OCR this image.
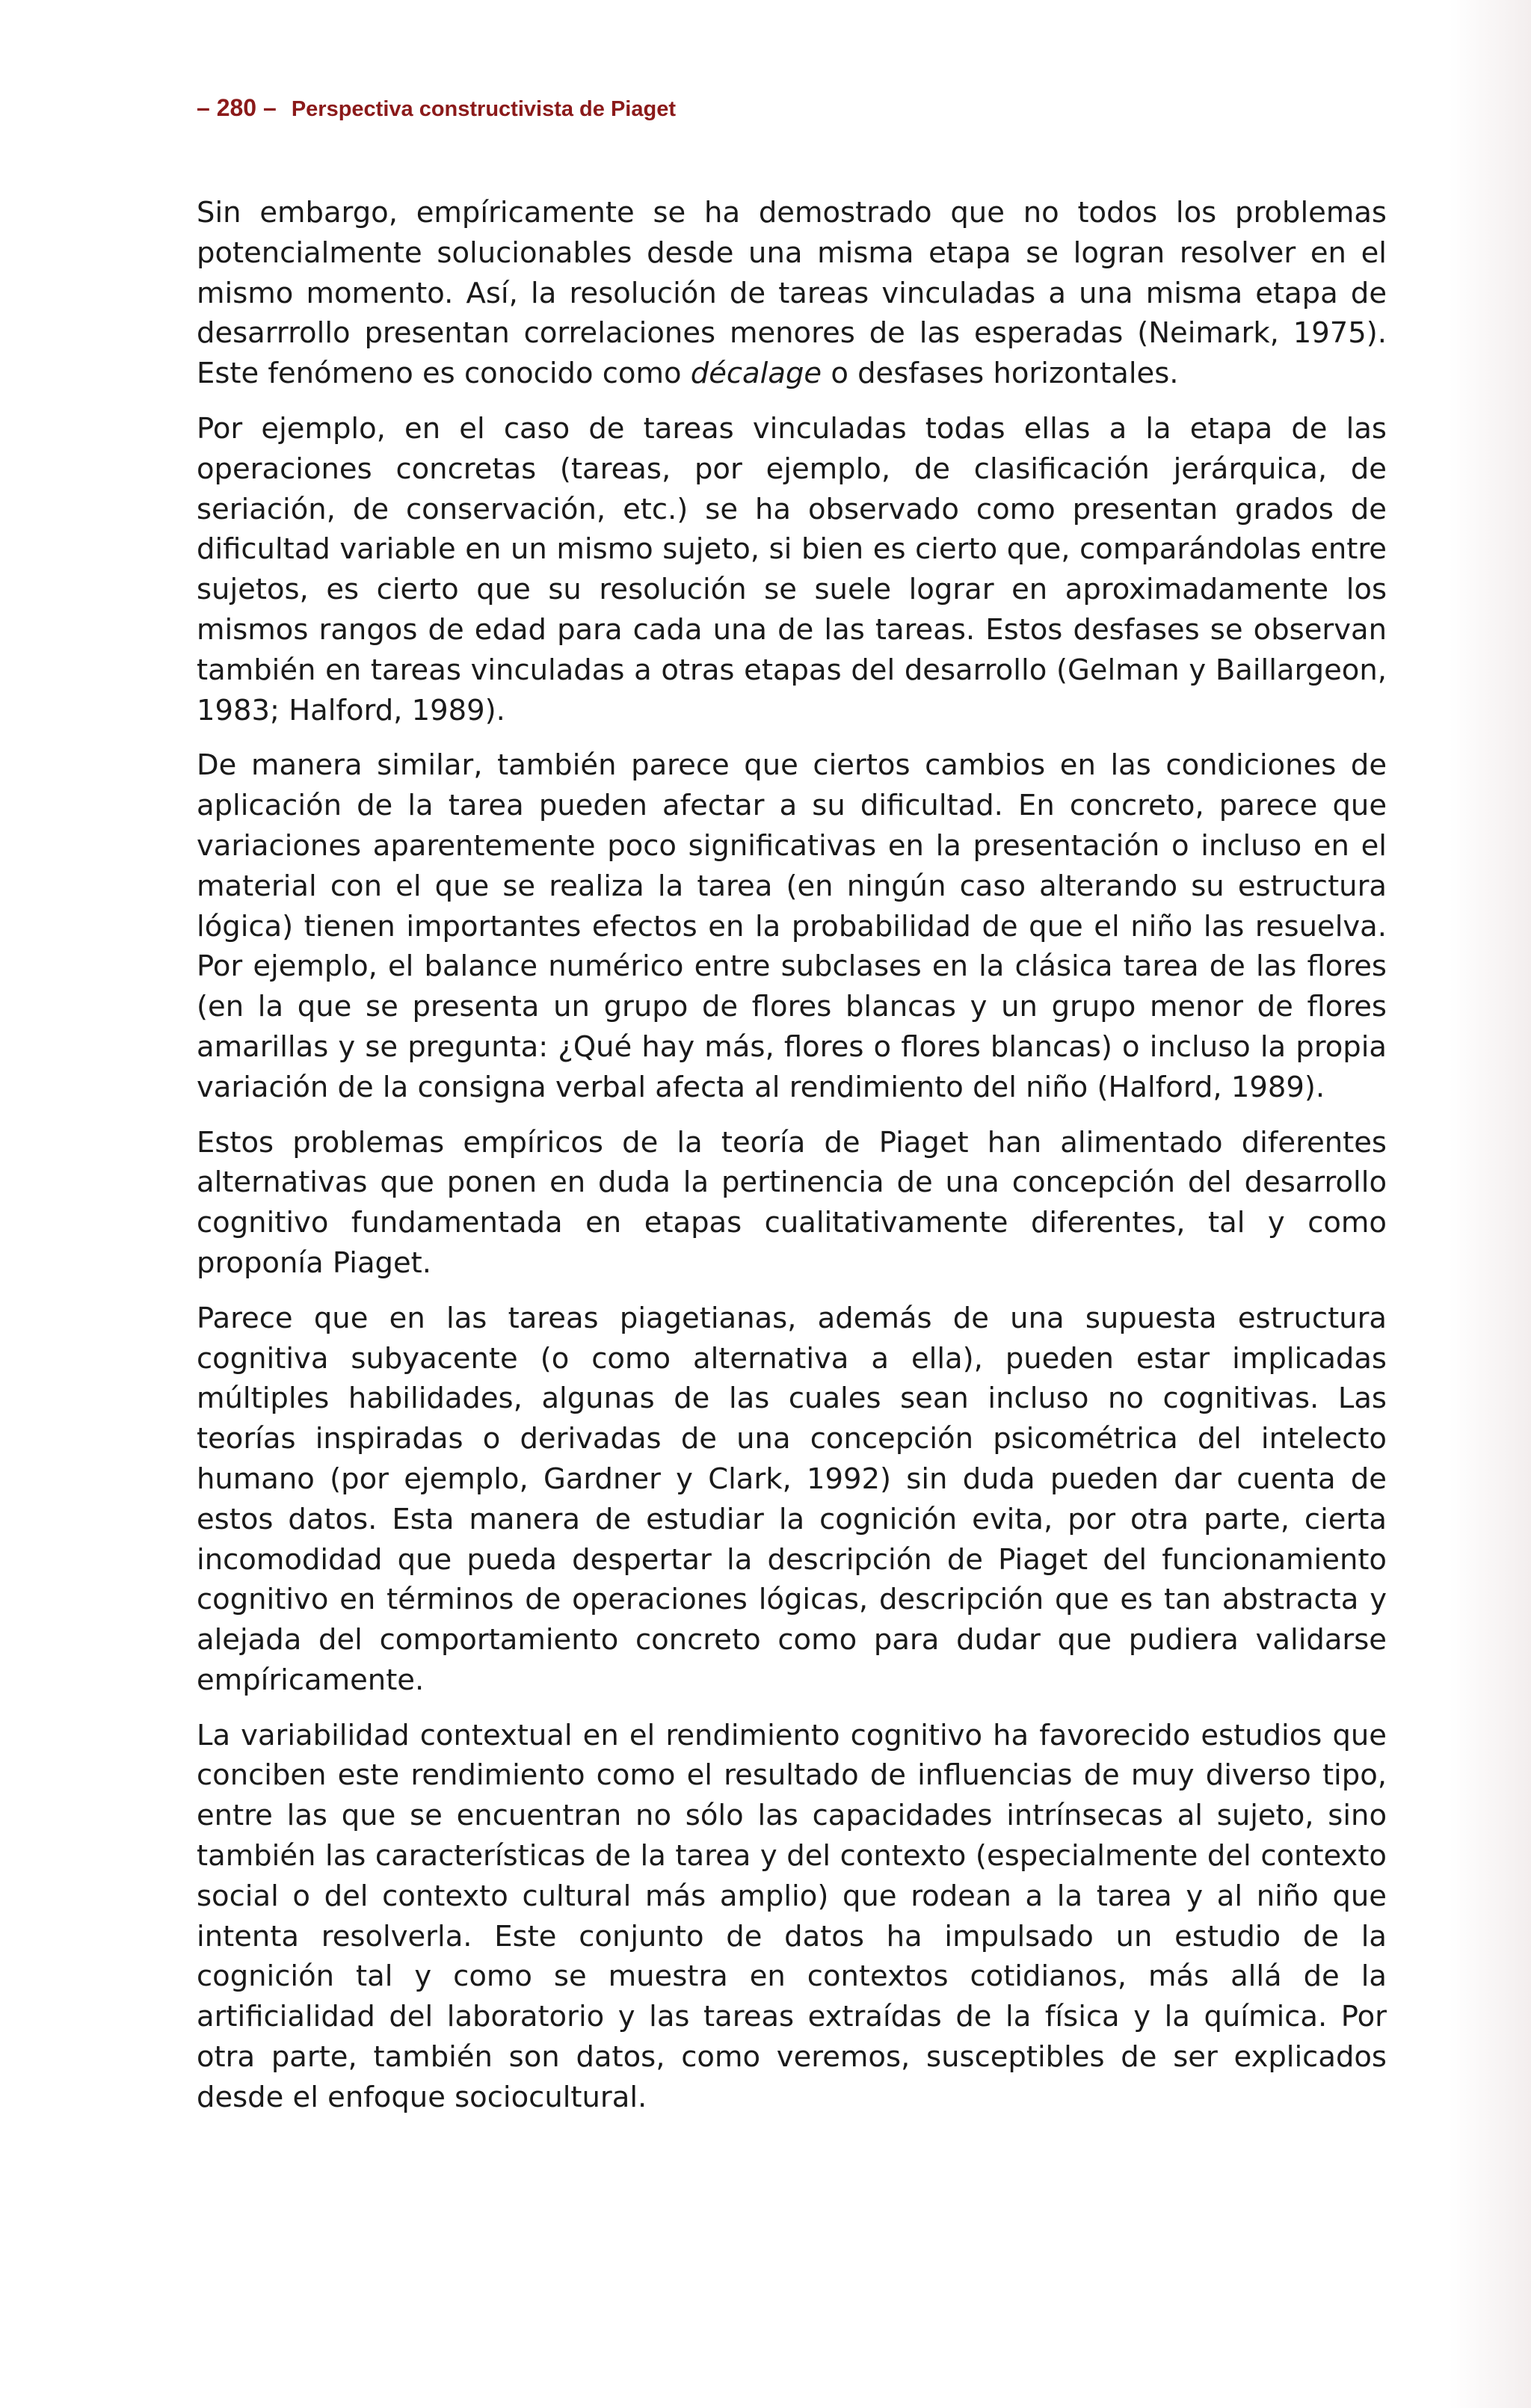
– 280 – Perspectiva constructivista de Piaget

Sin embargo, empíricamente se ha demostrado que no todos los problemas potencialmente solucionables desde una misma etapa se logran resolver en el mismo momento. Así, la resolución de tareas vinculadas a una misma etapa de desarrrollo presentan correlaciones menores de las esperadas (Neimark, 1975). Este fenómeno es conocido como décalage o desfases horizontales.

Por ejemplo, en el caso de tareas vinculadas todas ellas a la etapa de las operaciones concretas (tareas, por ejemplo, de clasificación jerárquica, de seriación, de conservación, etc.) se ha observado como presentan grados de dificultad variable en un mismo sujeto, si bien es cierto que, comparándolas entre sujetos, es cierto que su resolución se suele lograr en aproximadamente los mismos rangos de edad para cada una de las tareas. Estos desfases se observan también en tareas vinculadas a otras etapas del desarrollo (Gelman y Baillargeon, 1983; Halford, 1989).

De manera similar, también parece que ciertos cambios en las condiciones de aplicación de la tarea pueden afectar a su dificultad. En concreto, parece que variaciones aparentemente poco significativas en la presentación o incluso en el material con el que se realiza la tarea (en ningún caso alterando su estructura lógica) tienen importantes efectos en la probabilidad de que el niño las resuelva. Por ejemplo, el balance numérico entre subclases en la clásica tarea de las flores (en la que se presenta un grupo de flores blancas y un grupo menor de flores amarillas y se pregunta: ¿Qué hay más, flores o flores blancas) o incluso la propia variación de la consigna verbal afecta al rendimiento del niño (Halford, 1989).

Estos problemas empíricos de la teoría de Piaget han alimentado diferentes alternativas que ponen en duda la pertinencia de una concepción del desarrollo cognitivo fundamentada en etapas cualitativamente diferentes, tal y como proponía Piaget.

Parece que en las tareas piagetianas, además de una supuesta estructura cognitiva subyacente (o como alternativa a ella), pueden estar implicadas múltiples habilidades, algunas de las cuales sean incluso no cognitivas. Las teorías inspiradas o derivadas de una concepción psicométrica del intelecto humano (por ejemplo, Gardner y Clark, 1992) sin duda pueden dar cuenta de estos datos. Esta manera de estudiar la cognición evita, por otra parte, cierta incomodidad que pueda despertar la descripción de Piaget del funcionamiento cognitivo en términos de operaciones lógicas, descripción que es tan abstracta y alejada del comportamiento concreto como para dudar que pudiera validarse empíricamente.

La variabilidad contextual en el rendimiento cognitivo ha favorecido estudios que conciben este rendimiento como el resultado de influencias de muy diverso tipo, entre las que se encuentran no sólo las capacidades intrínsecas al sujeto, sino también las características de la tarea y del contexto (especialmente del contexto social o del contexto cultural más amplio) que rodean a la tarea y al niño que intenta resolverla. Este conjunto de datos ha impulsado un estudio de la cognición tal y como se muestra en contextos cotidianos, más allá de la artificialidad del laboratorio y las tareas extraídas de la física y la química. Por otra parte, también son datos, como veremos, susceptibles de ser explicados desde el enfoque sociocultural.
